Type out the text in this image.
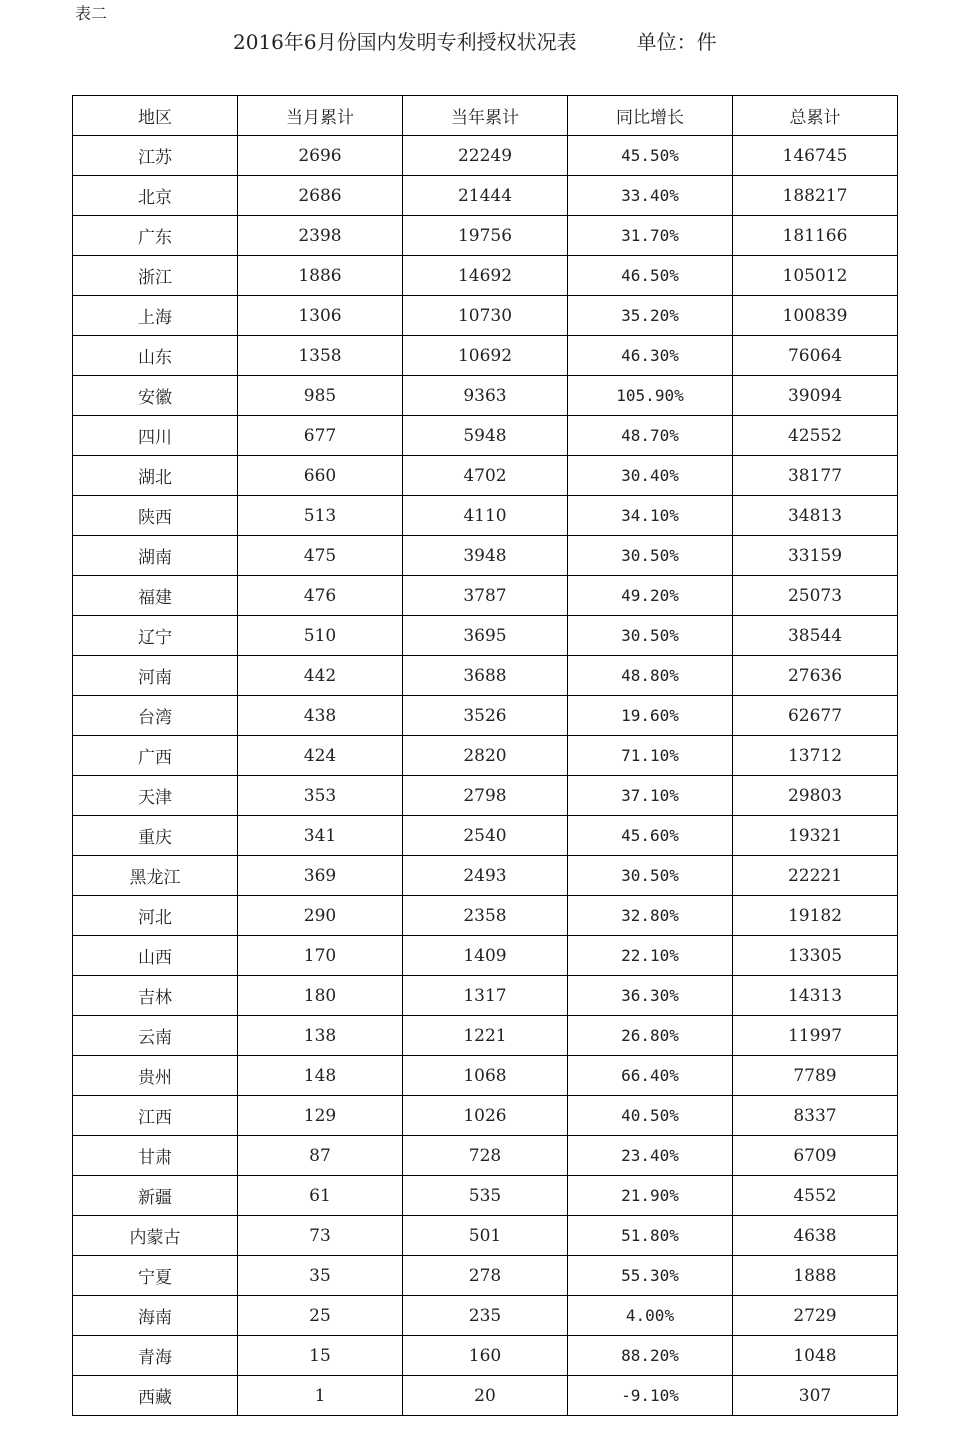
表二
2016年6月份国内发明专利授权状况表	单位：件
地区	当月累计	当年累计	同比增长	总累计
江苏	2696	22249	45.50%	146745
北京	2686	21444	33.40%	188217
广东	2398	19756	31.70%	181166
浙江	1886	14692	46.50%	105012
上海	1306	10730	35.20%	100839
山东	1358	10692	46.30%	76064
安徽	985	9363	105.90%	39094
四川	677	5948	48.70%	42552
湖北	660	4702	30.40%	38177
陕西	513	4110	34.10%	34813
湖南	475	3948	30.50%	33159
福建	476	3787	49.20%	25073
辽宁	510	3695	30.50%	38544
河南	442	3688	48.80%	27636
台湾	438	3526	19.60%	62677
广西	424	2820	71.10%	13712
天津	353	2798	37.10%	29803
重庆	341	2540	45.60%	19321
黑龙江	369	2493	30.50%	22221
河北	290	2358	32.80%	19182
山西	170	1409	22.10%	13305
吉林	180	1317	36.30%	14313
云南	138	1221	26.80%	11997
贵州	148	1068	66.40%	7789
江西	129	1026	40.50%	8337
甘肃	87	728	23.40%	6709
新疆	61	535	21.90%	4552
内蒙古	73	501	51.80%	4638
宁夏	35	278	55.30%	1888
海南	25	235	4.00%	2729
青海	15	160	88.20%	1048
西藏	1	20	-9.10%	307
